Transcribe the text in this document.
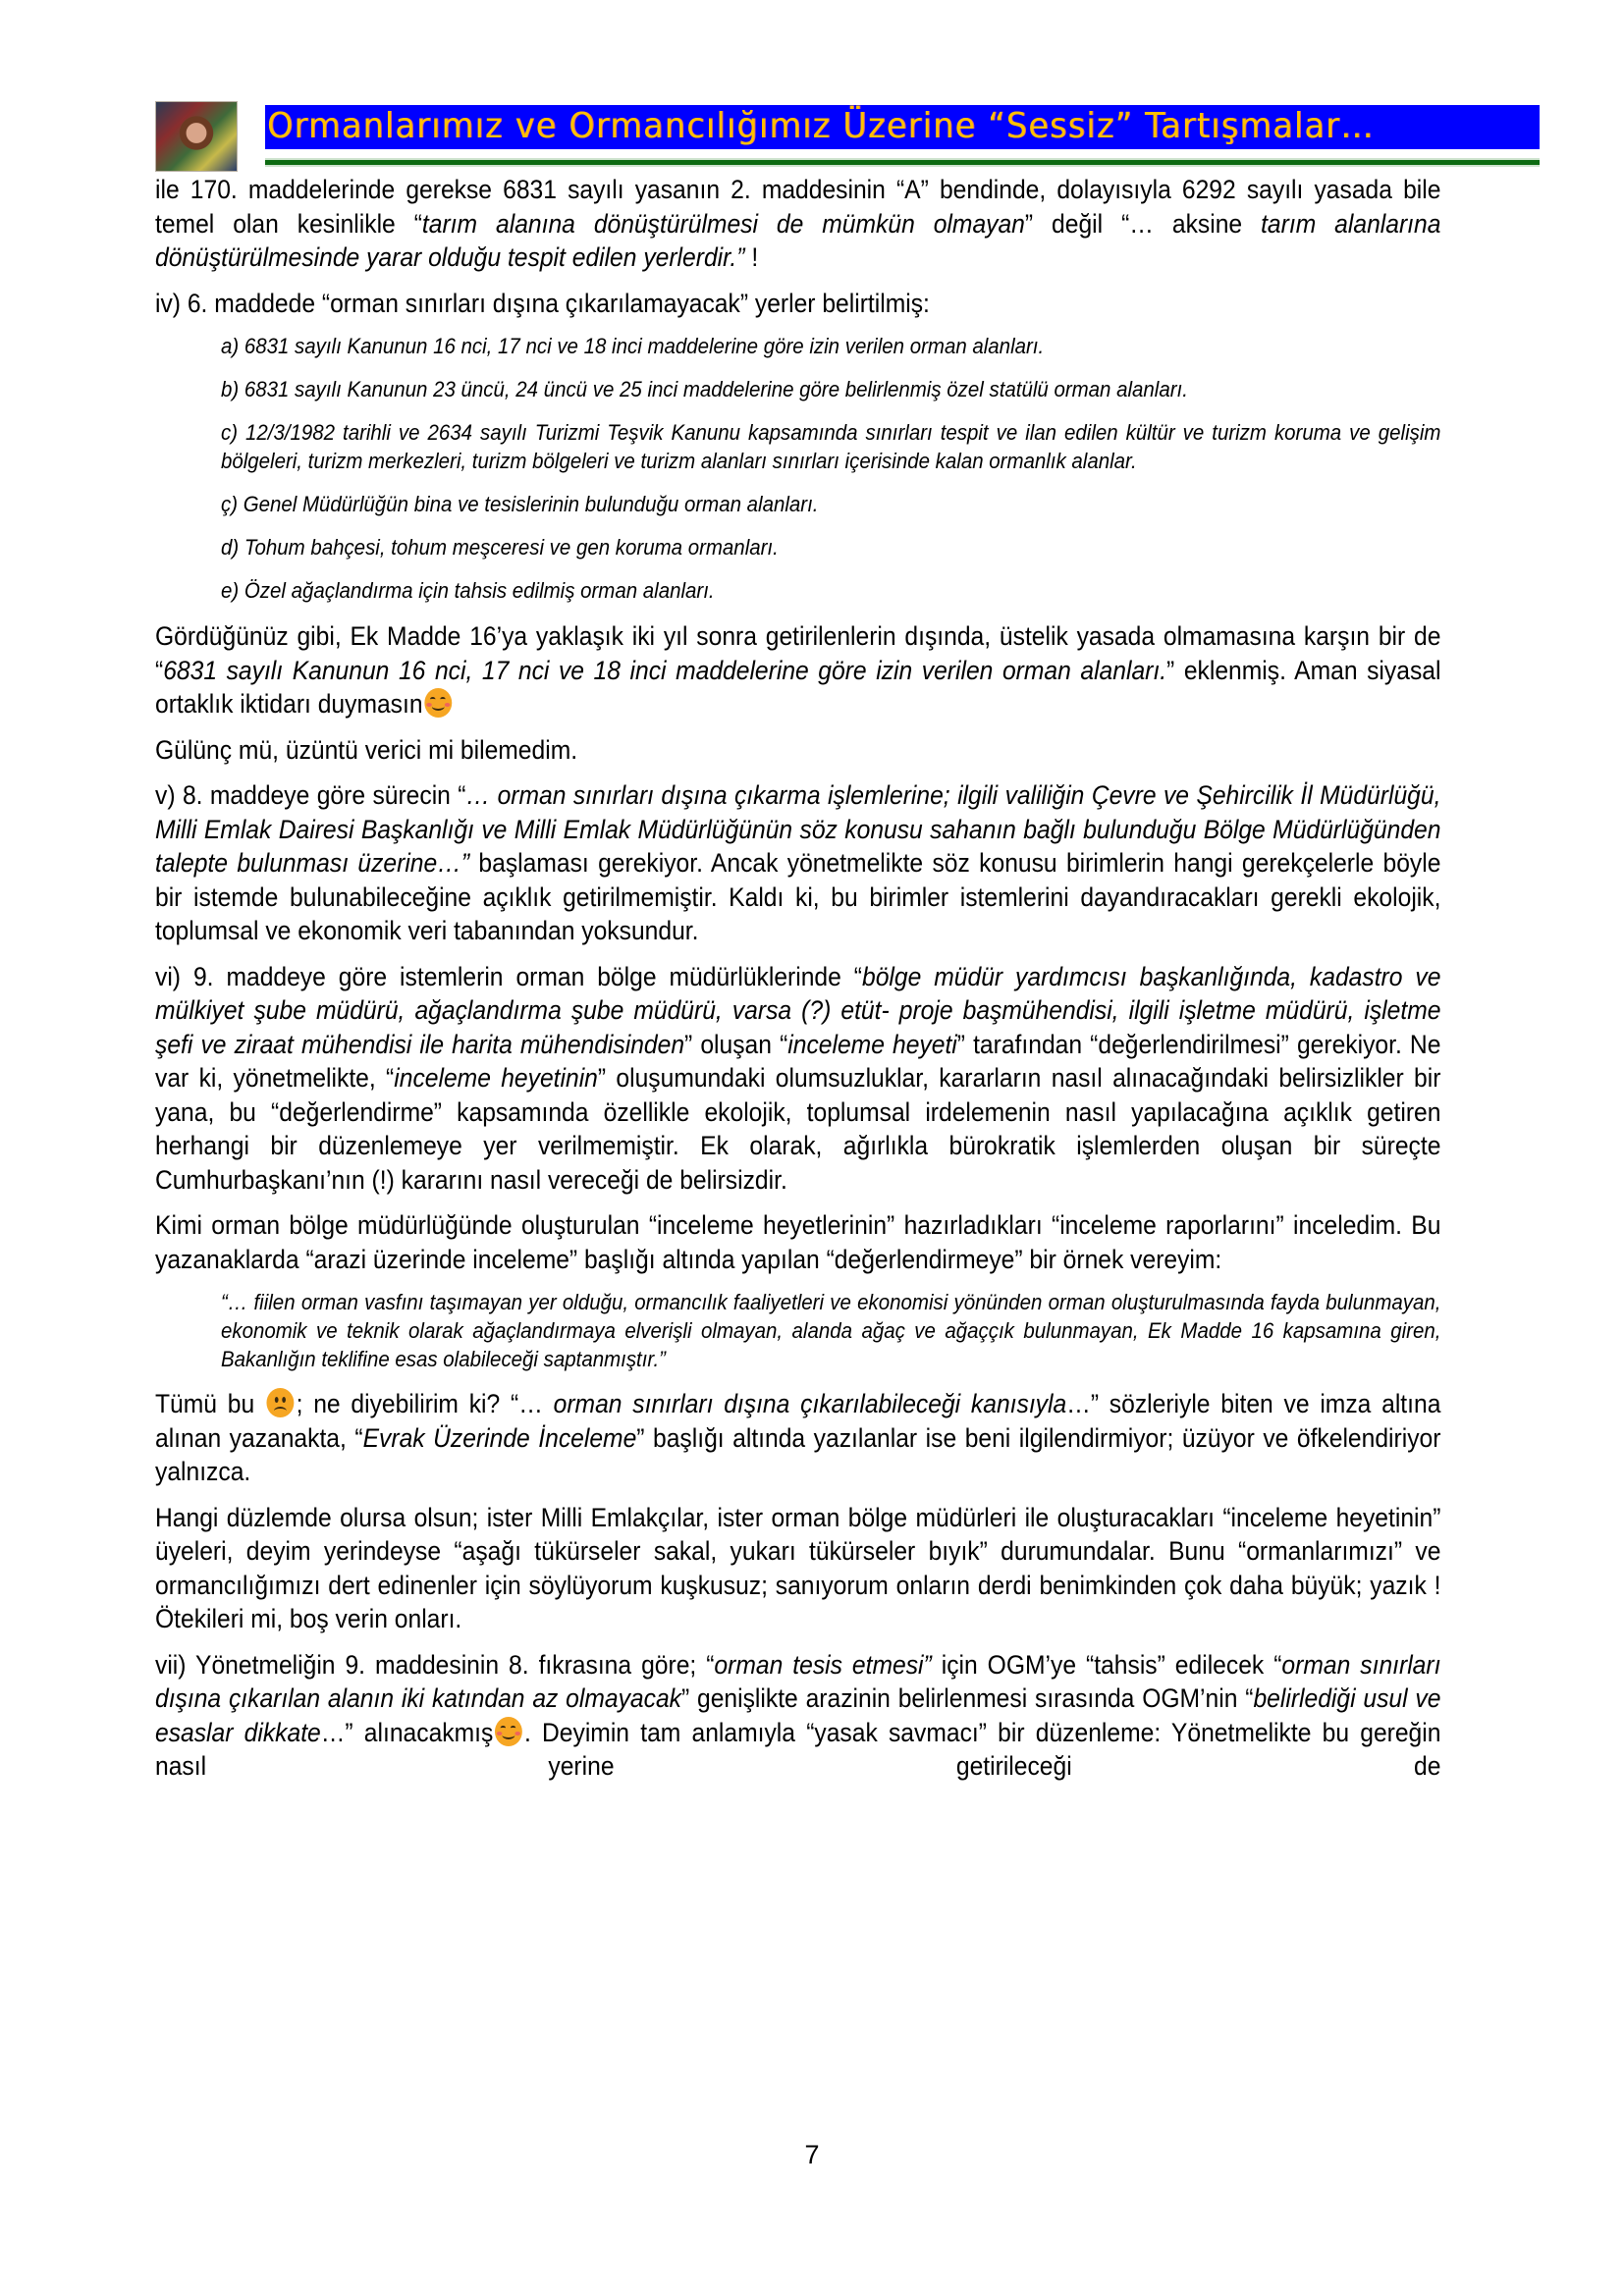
Ormanlarımız ve Ormancılığımız Üzerine “Sessiz” Tartışmalar…

ile 170. maddelerinde gerekse 6831 sayılı yasanın 2. maddesinin “A” bendinde, dolayısıyla 6292 sayılı yasada bile temel olan kesinlikle “tarım alanına dönüştürülmesi de mümkün olmayan” değil “… aksine tarım alanlarına dönüştürülmesinde yarar olduğu tespit edilen yerlerdir.” !

iv) 6. maddede “orman sınırları dışına çıkarılamayacak” yerler belirtilmiş:

a) 6831 sayılı Kanunun 16 nci, 17 nci ve 18 inci maddelerine göre izin verilen orman alanları.

b) 6831 sayılı Kanunun 23 üncü, 24 üncü ve 25 inci maddelerine göre belirlenmiş özel statülü orman alanları.

c) 12/3/1982 tarihli ve 2634 sayılı Turizmi Teşvik Kanunu kapsamında sınırları tespit ve ilan edilen kültür ve turizm koruma ve gelişim bölgeleri, turizm merkezleri, turizm bölgeleri ve turizm alanları sınırları içerisinde kalan ormanlık alanlar.

ç) Genel Müdürlüğün bina ve tesislerinin bulunduğu orman alanları.

d) Tohum bahçesi, tohum meşceresi ve gen koruma ormanları.

e) Özel ağaçlandırma için tahsis edilmiş orman alanları.

Gördüğünüz gibi, Ek Madde 16’ya yaklaşık iki yıl sonra getirilenlerin dışında, üstelik yasada olmamasına karşın bir de “6831 sayılı Kanunun 16 nci, 17 nci ve 18 inci maddelerine göre izin verilen orman alanları.” eklenmiş. Aman siyasal ortaklık iktidarı duymasın

Gülünç mü, üzüntü verici mi bilemedim.

v) 8. maddeye göre sürecin “… orman sınırları dışına çıkarma işlemlerine; ilgili valiliğin Çevre ve Şehircilik İl Müdürlüğü, Milli Emlak Dairesi Başkanlığı ve Milli Emlak Müdürlüğünün söz konusu sahanın bağlı bulunduğu Bölge Müdürlüğünden talepte bulunması üzerine…” başlaması gerekiyor. Ancak yönetmelikte söz konusu birimlerin hangi gerekçelerle böyle bir istemde bulunabileceğine açıklık getirilmemiştir. Kaldı ki, bu birimler istemlerini dayandıracakları gerekli ekolojik, toplumsal ve ekonomik veri tabanından yoksundur.

vi) 9. maddeye göre istemlerin orman bölge müdürlüklerinde “bölge müdür yardımcısı başkanlığında, kadastro ve mülkiyet şube müdürü, ağaçlandırma şube müdürü, varsa (?) etüt- proje başmühendisi, ilgili işletme müdürü, işletme şefi ve ziraat mühendisi ile harita mühendisinden” oluşan “inceleme heyeti” tarafından “değerlendirilmesi” gerekiyor. Ne var ki, yönetmelikte, “inceleme heyetinin” oluşumundaki olumsuzluklar, kararların nasıl alınacağındaki belirsizlikler bir yana, bu “değerlendirme” kapsamında özellikle ekolojik, toplumsal irdelemenin nasıl yapılacağına açıklık getiren herhangi bir düzenlemeye yer verilmemiştir. Ek olarak, ağırlıkla bürokratik işlemlerden oluşan bir süreçte Cumhurbaşkanı’nın (!) kararını nasıl vereceği de belirsizdir.

Kimi orman bölge müdürlüğünde oluşturulan “inceleme heyetlerinin” hazırladıkları “inceleme raporlarını” inceledim. Bu yazanaklarda “arazi üzerinde inceleme” başlığı altında yapılan “değerlendirmeye” bir örnek vereyim:

“… fiilen orman vasfını taşımayan yer olduğu, ormancılık faaliyetleri ve ekonomisi yönünden orman oluşturulmasında fayda bulunmayan, ekonomik ve teknik olarak ağaçlandırmaya elverişli olmayan, alanda ağaç ve ağaççık bulunmayan, Ek Madde 16 kapsamına giren, Bakanlığın teklifine esas olabileceği saptanmıştır.”

Tümü bu
; ne diyebilirim ki? “… orman sınırları dışına çıkarılabileceği kanısıyla…” sözleriyle biten ve imza altına alınan yazanakta, “Evrak Üzerinde İnceleme” başlığı altında yazılanlar ise beni ilgilendirmiyor; üzüyor ve öfkelendiriyor yalnızca.

Hangi düzlemde olursa olsun; ister Milli Emlakçılar, ister orman bölge müdürleri ile oluşturacakları “inceleme heyetinin” üyeleri, deyim yerindeyse “aşağı tükürseler sakal, yukarı tükürseler bıyık” durumundalar. Bunu “ormanlarımızı” ve ormancılığımızı dert edinenler için söylüyorum kuşkusuz; sanıyorum onların derdi benimkinden çok daha büyük; yazık ! Ötekileri mi, boş verin onları.

vii) Yönetmeliğin 9. maddesinin 8. fıkrasına göre; “orman tesis etmesi” için OGM’ye “tahsis” edilecek “orman sınırları dışına çıkarılan alanın iki katından az olmayacak” genişlikte arazinin belirlenmesi sırasında OGM’nin “belirlediği usul ve esaslar dikkate…” alınacakmış . Deyimin tam anlamıyla “yasak savmacı” bir düzenleme: Yönetmelikte bu gereğin nasıl yerine getirileceği de

7
